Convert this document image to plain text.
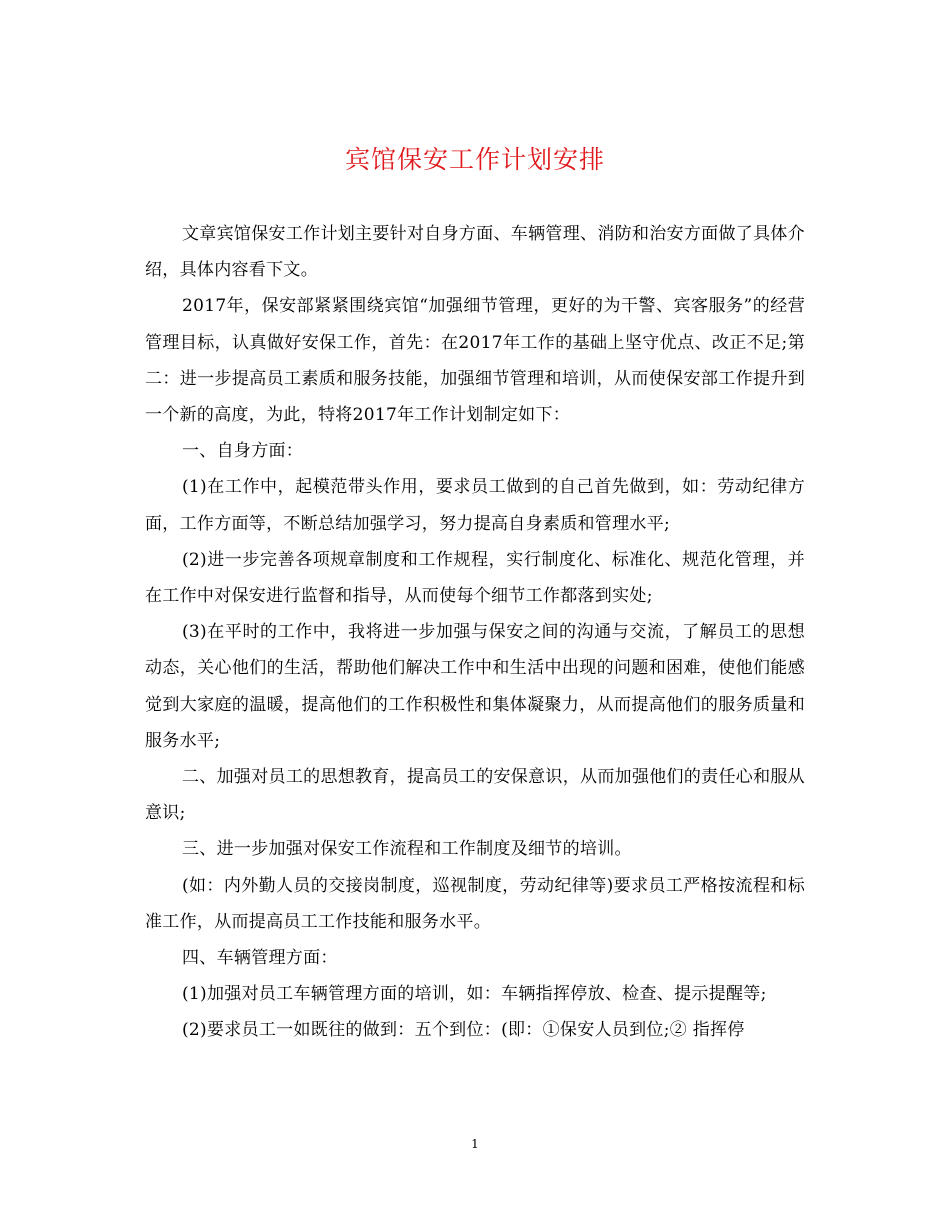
宾馆保安工作计划安排

文章宾馆保安工作计划主要针对自身方面、车辆管理、消防和治安方面做了具体介绍，具体内容看下文。

2017年，保安部紧紧围绕宾馆“加强细节管理，更好的为干警、宾客服务”的经营管理目标，认真做好安保工作，首先：在2017年工作的基础上坚守优点、改正不足;第二：进一步提高员工素质和服务技能，加强细节管理和培训，从而使保安部工作提升到一个新的高度，为此，特将2017年工作计划制定如下：

一、自身方面：

(1)在工作中，起模范带头作用，要求员工做到的自己首先做到，如：劳动纪律方面，工作方面等，不断总结加强学习，努力提高自身素质和管理水平;

(2)进一步完善各项规章制度和工作规程，实行制度化、标准化、规范化管理，并在工作中对保安进行监督和指导，从而使每个细节工作都落到实处;

(3)在平时的工作中，我将进一步加强与保安之间的沟通与交流，了解员工的思想动态，关心他们的生活，帮助他们解决工作中和生活中出现的问题和困难，使他们能感觉到大家庭的温暖，提高他们的工作积极性和集体凝聚力，从而提高他们的服务质量和服务水平;

二、加强对员工的思想教育，提高员工的安保意识，从而加强他们的责任心和服从意识;

三、进一步加强对保安工作流程和工作制度及细节的培训。

(如：内外勤人员的交接岗制度，巡视制度，劳动纪律等)要求员工严格按流程和标准工作，从而提高员工工作技能和服务水平。

四、车辆管理方面：

(1)加强对员工车辆管理方面的培训，如：车辆指挥停放、检查、提示提醒等;

(2)要求员工一如既往的做到：五个到位：(即：①保安人员到位;② 指挥停

1
